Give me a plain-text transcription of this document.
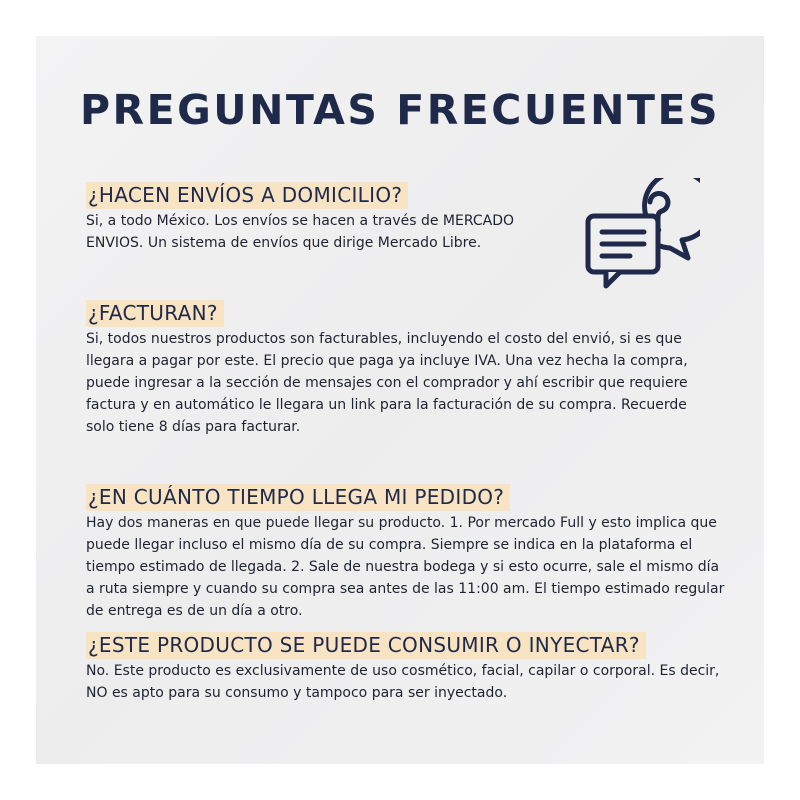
PREGUNTAS FRECUENTES
¿HACEN ENVÍOS A DOMICILIO?
Si, a todo México. Los envíos se hacen a través de MERCADO
ENVIOS. Un sistema de envíos que dirige Mercado Libre.
¿FACTURAN?
Si, todos nuestros productos son facturables, incluyendo el costo del envió, si es que
llegara a pagar por este. El precio que paga ya incluye IVA. Una vez hecha la compra,
puede ingresar a la sección de mensajes con el comprador y ahí escribir que requiere
factura y en automático le llegara un link para la facturación de su compra. Recuerde
solo tiene 8 días para facturar.
¿EN CUÁNTO TIEMPO LLEGA MI PEDIDO?
Hay dos maneras en que puede llegar su producto. 1. Por mercado Full y esto implica que
puede llegar incluso el mismo día de su compra. Siempre se indica en la plataforma el
tiempo estimado de llegada. 2. Sale de nuestra bodega y si esto ocurre, sale el mismo día
a ruta siempre y cuando su compra sea antes de las 11:00 am. El tiempo estimado regular
de entrega es de un día a otro.
¿ESTE PRODUCTO SE PUEDE CONSUMIR O INYECTAR?
No. Este producto es exclusivamente de uso cosmético, facial, capilar o corporal. Es decir,
NO es apto para su consumo y tampoco para ser inyectado.
